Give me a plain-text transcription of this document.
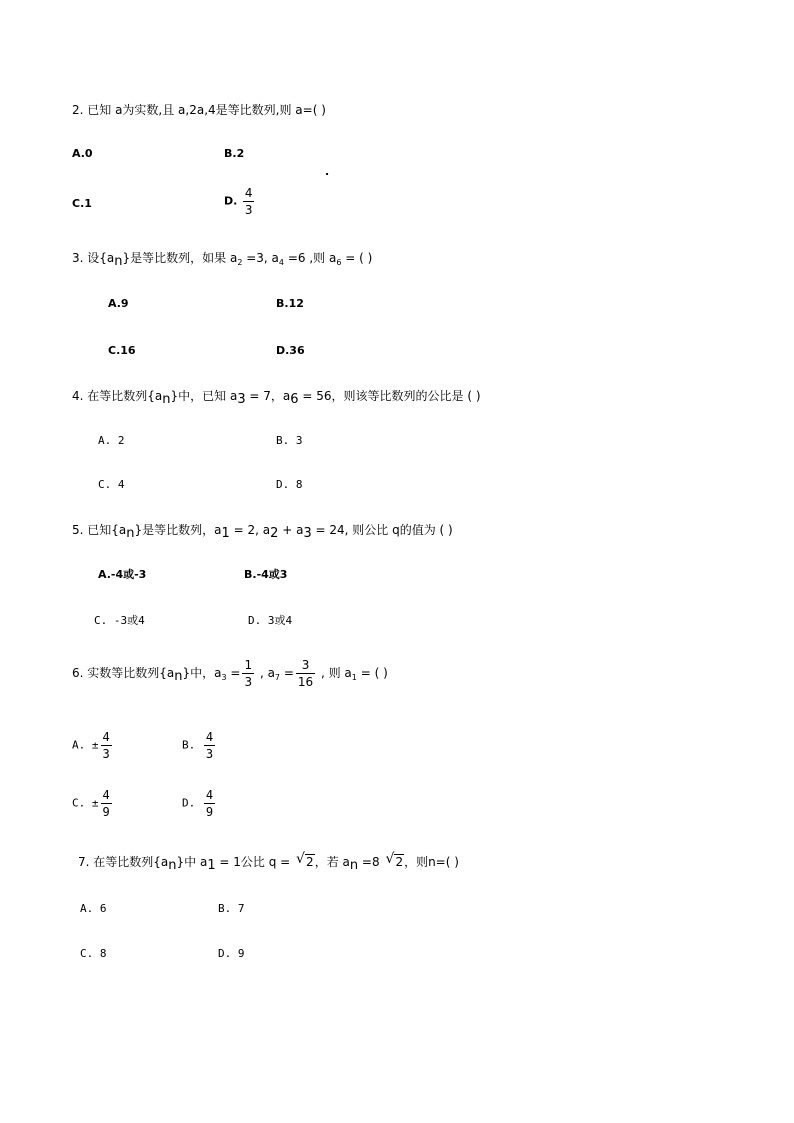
2. 已知 a为实数,且 a,2a,4是等比数列,则 a=( )
A.0	B.2
.
C.1	D. $\frac{4}{3}$
3. 设$\{a_n\}$是等比数列，如果 $a_2 =3$, $a_4 =6$ ,则 $a_6$ = ( )
A.9	B.12
C.16	D.36
4. 在等比数列$\{a_n\}$中，已知 $a_3 = 7$，$a_6 = 56$，则该等比数列的公比是 ( )
A. 2	B. 3
C. 4	D. 8
5. 已知$\{a_n\}$是等比数列，$a_1 = 2$, $a_2 + a_3 = 24$, 则公比 q的值为 ( )
A.-4或-3	B.-4或3
C. -3或4	D. 3或4
6. 实数等比数列$\{a_n\}$中，$a_3 = \frac{1}{3}$ , $a_7 = \frac{3}{16}$ , 则 $a_1$ = ( )
A. ± $\frac{4}{3}$	B. $\frac{4}{3}$
C. ± $\frac{4}{9}$	D. $\frac{4}{9}$
7. 在等比数列$\{a_n\}$中 $a_1 = 1$公比 q = √ 2，若 $a_n =8$ √ 2，则n=( )
A. 6	B. 7
C. 8	D. 9
